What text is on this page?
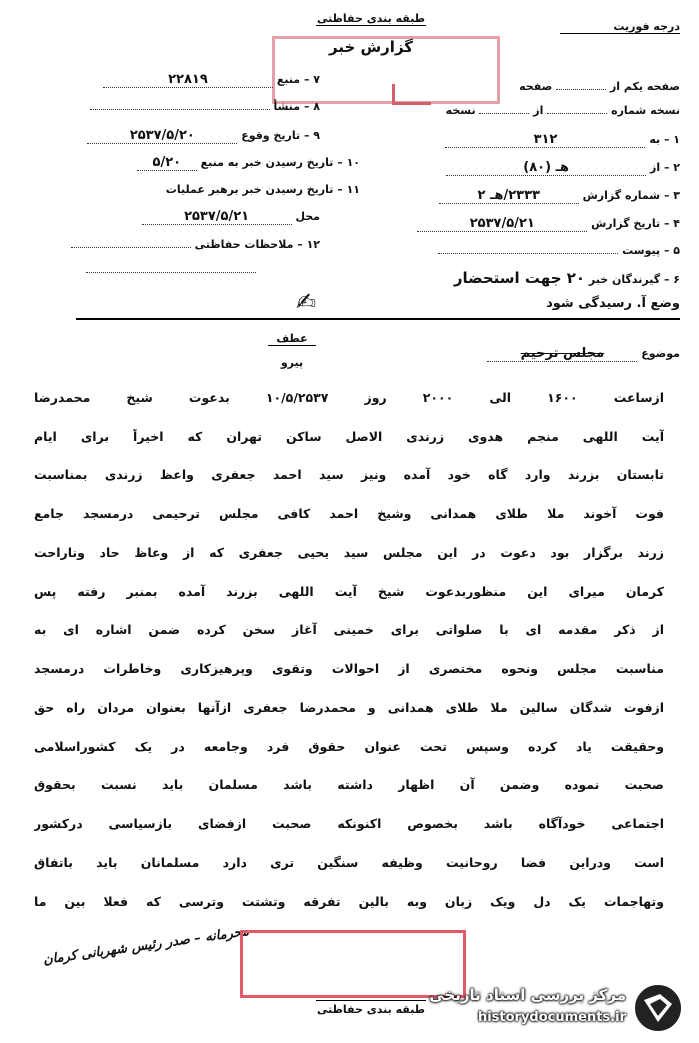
طبقه بندی حفاظتی
گزارش خبر
درجه فوریت
صفحه یکم از  صفحه
نسخه شماره  از  نسخه
۷ – منبع ۲۲۸۱۹
۸ – منشأ
۹ – تاریخ وقوع ۲۵۳۷/۵/۲۰
۱۰ – تاریخ رسیدن خبر به منبع ۵/۲۰
۱۱ – تاریخ رسیدن خبر برهبر عملیات
محل ۲۵۳۷/۵/۲۱
۱۲ – ملاحظات حفاظتی
۱ – به ۳۱۲
۲ – از هـ (۸۰)
۳ – شماره گزارش ۲۳۳۳/هـ ۲
۴ – تاریخ گزارش ۲۵۳۷/۵/۲۱
۵ – پیوست
۶ – گیرندگان خبر ۲۰ جهت استحضار
وضع آ. رسیدگی شود
✍
عطف
پیرو
موضوع مجلس ترحیم
ازساعت ۱۶۰۰ الی ۲۰۰۰ روز ۱۰/۵/۲۵۳۷ بدعوت شیخ محمدرضا
آیت اللهی منجم هدوی زرندی الاصل ساکن تهران که اخیراً برای ایام
تابستان بزرند وارد گاه خود آمده ونیز سید احمد جعفری واعظ زرندی بمناسبت
فوت آخوند ملا طلای همدانی وشیخ احمد کافی مجلس ترحیمی درمسجد جامع
زرند برگزار بود دعوت در این مجلس سید یحیی جعفری که از وعاظ حاد وناراحت
کرمان میرای این منظوربدعوت شیخ آیت اللهی بزرند آمده بمنبر رفته پس
از ذکر مقدمه ای با صلواتی برای خمینی آغاز سخن کرده ضمن اشاره ای به
مناسبت مجلس ونحوه مختصری از احوالات وتقوی وپرهیزکاری وخاطرات درمسجد
ازفوت شدگان سالین ملا طلای همدانی و محمدرضا جعفری ازآنها بعنوان مردان راه حق
وحقیقت یاد کرده وسپس تحت عنوان حقوق فرد وجامعه در یک کشوراسلامی
صحبت نموده وضمن آن اظهار داشته باشد مسلمان باید نسبت بحقوق
اجتماعی خودآگاه باشد بخصوص اکنونکه صحبت ازفضای بازسیاسی درکشور
است ودراین فضا روحانیت وظیفه سنگین تری دارد مسلمانان باید باتفاق
وتهاجمات یک دل ویک زبان وبه بالین تفرقه وتشتت وترسی که فعلا بین ما
محرمانه – صدر رئیس شهربانی کرمان
طبقه بندی حفاظتی
مرکز بررسی اسناد تاریخی
historydocuments.ir
